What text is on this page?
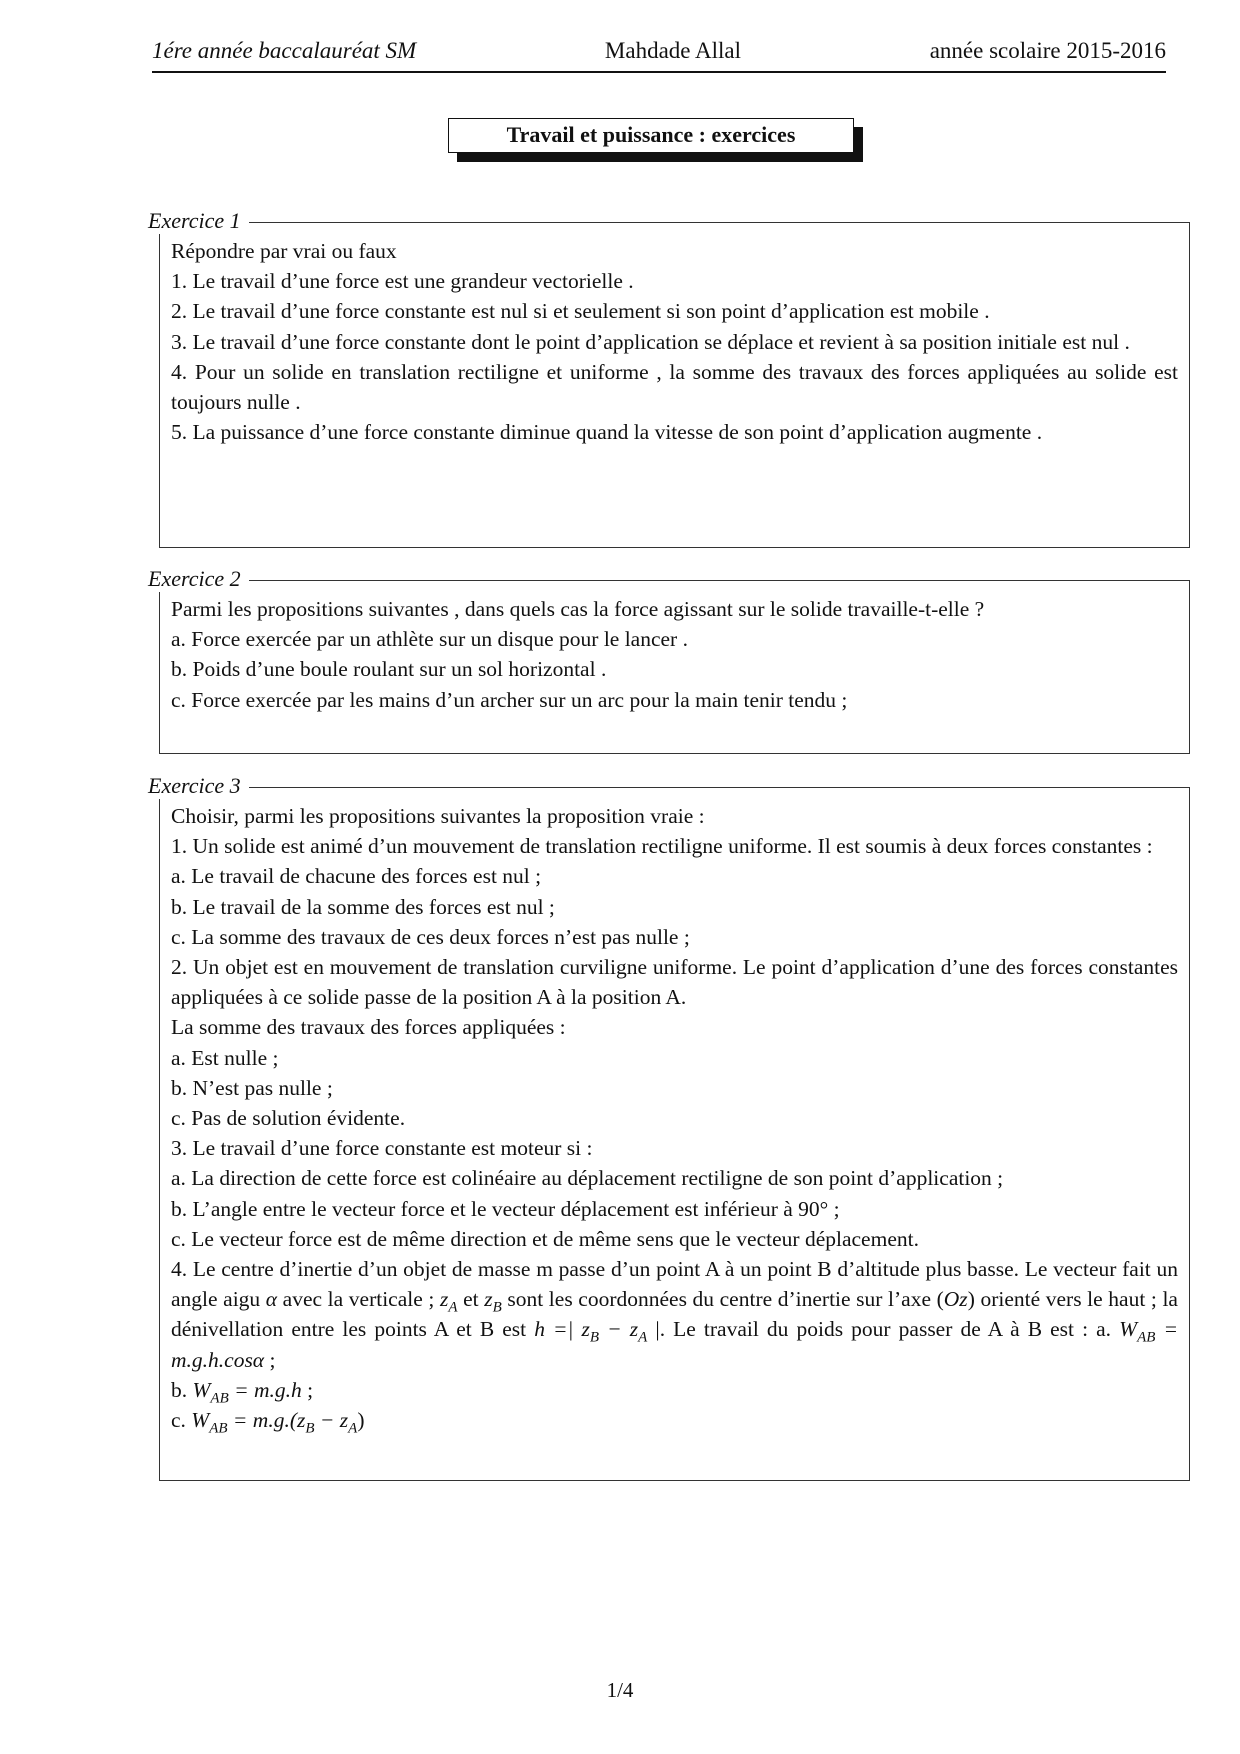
1ére année baccalauréat SM	Mahdade Allal	année scolaire 2015-2016
Travail et puissance : exercices
Exercice 1

Répondre par vrai ou faux

1. Le travail d’une force est une grandeur vectorielle .

2. Le travail d’une force constante est nul si et seulement si son point d’application est mobile .

3. Le travail d’une force constante dont le point d’application se déplace et revient à sa position initiale est nul .

4. Pour un solide en translation rectiligne et uniforme , la somme des travaux des forces appliquées au solide est toujours nulle .

5. La puissance d’une force constante diminue quand la vitesse de son point d’application augmente .

Exercice 2

Parmi les propositions suivantes , dans quels cas la force agissant sur le solide travaille-t-elle ?

a. Force exercée par un athlète sur un disque pour le lancer .

b. Poids d’une boule roulant sur un sol horizontal .

c. Force exercée par les mains d’un archer sur un arc pour la main tenir tendu ;

Exercice 3

Choisir, parmi les propositions suivantes la proposition vraie :

1. Un solide est animé d’un mouvement de translation rectiligne uniforme. Il est soumis à deux forces constantes :

a. Le travail de chacune des forces est nul ;

b. Le travail de la somme des forces est nul ;

c. La somme des travaux de ces deux forces n’est pas nulle ;

2. Un objet est en mouvement de translation curviligne uniforme. Le point d’application d’une des forces constantes appliquées à ce solide passe de la position A à la position A.

La somme des travaux des forces appliquées :

a. Est nulle ;

b. N’est pas nulle ;

c. Pas de solution évidente.

3. Le travail d’une force constante est moteur si :

a. La direction de cette force est colinéaire au déplacement rectiligne de son point d’application ;

b. L’angle entre le vecteur force et le vecteur déplacement est inférieur à 90° ;

c. Le vecteur force est de même direction et de même sens que le vecteur déplacement.

4. Le centre d’inertie d’un objet de masse m passe d’un point A à un point B d’altitude plus basse. Le vecteur fait un angle aigu α avec la verticale ; $z_A$ et $z_B$ sont les coordonnées du centre d’inertie sur l’axe (Oz) orienté vers le haut ; la dénivellation entre les points A et B est h =| $z_B - z_A$ |. Le travail du poids pour passer de A à B est : a. $W_{AB} = m.g.h.\cos\alpha$ ;

b. $W_{AB} = m.g.h$ ;

c. $W_{AB} = m.g.(z_B - z_A)$

1/4
